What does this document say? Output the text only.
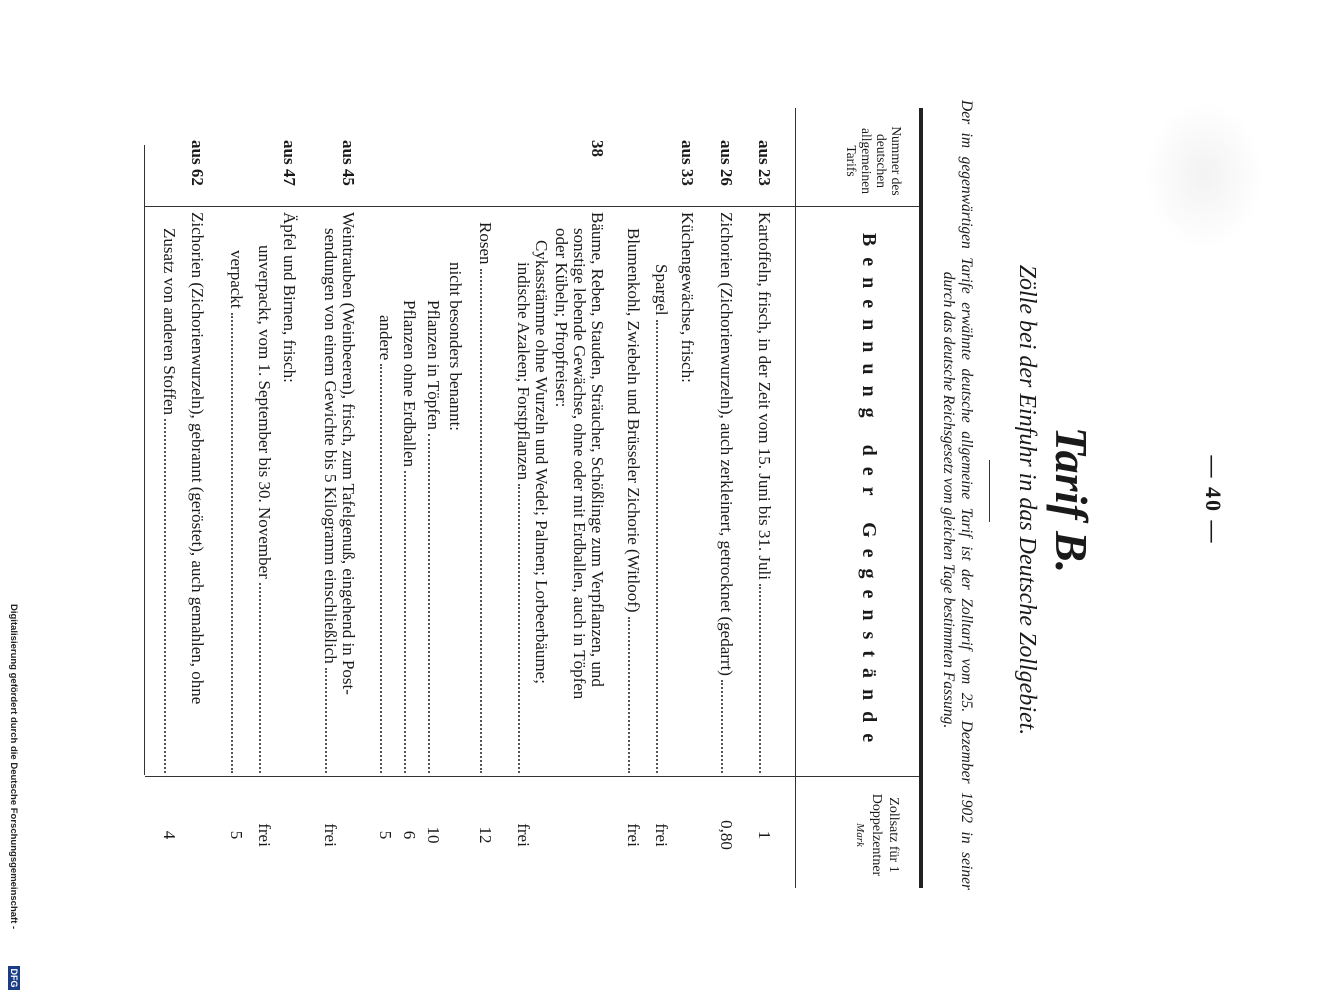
— 40 —
Tarif B.
Zölle bei der Einfuhr in das Deutsche Zollgebiet.
Der im gegenwärtigen Tarife erwähnte deutsche allgemeine Tarif ist der Zolltarif vom 25. Dezember 1902 in seiner
durch das deutsche Reichsgesetz vom gleichen Tage bestimmten Fassung.
Nummer des deutschen allgemeinen Tarifs
Benennung der Gegenstände
Zollsatz für 1 Doppelzentner
Mark
aus 23
Kartoffeln, frisch, in der Zeit vom 15. Juni bis 31. Juli
1
aus 26
Zichorien (Zichorienwurzeln), auch zerkleinert, getrocknet (gedarrt)
0,80
aus 33
Küchengewächse, frisch:
Spargel
frei
Blumenkohl, Zwiebeln und Brüsseler Zichorie (Witloof)
frei
38
Bäume, Reben, Stauden, Sträucher, Schößlinge zum Verpflanzen, und
sonstige lebende Gewächse, ohne oder mit Erdballen, auch in Töpfen
oder Kübeln; Pfropfreiser:
Cykasstämme ohne Wurzeln und Wedel; Palmen; Lorbeerbäume;
indische Azaleen; Forstpflanzen
frei
Rosen
12
nicht besonders benannt:
Pflanzen in Töpfen
10
Pflanzen ohne Erdballen
6
andere
5
aus 45
Weintrauben (Weinbeeren), frisch, zum Tafelgenuß, eingehend in Post-
sendungen von einem Gewichte bis 5 Kilogramm einschließlich
frei
aus 47
Äpfel und Birnen, frisch:
unverpackt, vom 1. September bis 30. November
frei
verpackt
5
aus 62
Zichorien (Zichorienwurzeln), gebrannt (geröstet), auch gemahlen, ohne
Zusatz von anderen Stoffen
4
Digitalisierung gefördert durch die Deutsche Forschungsgemeinschaft -
DFG
